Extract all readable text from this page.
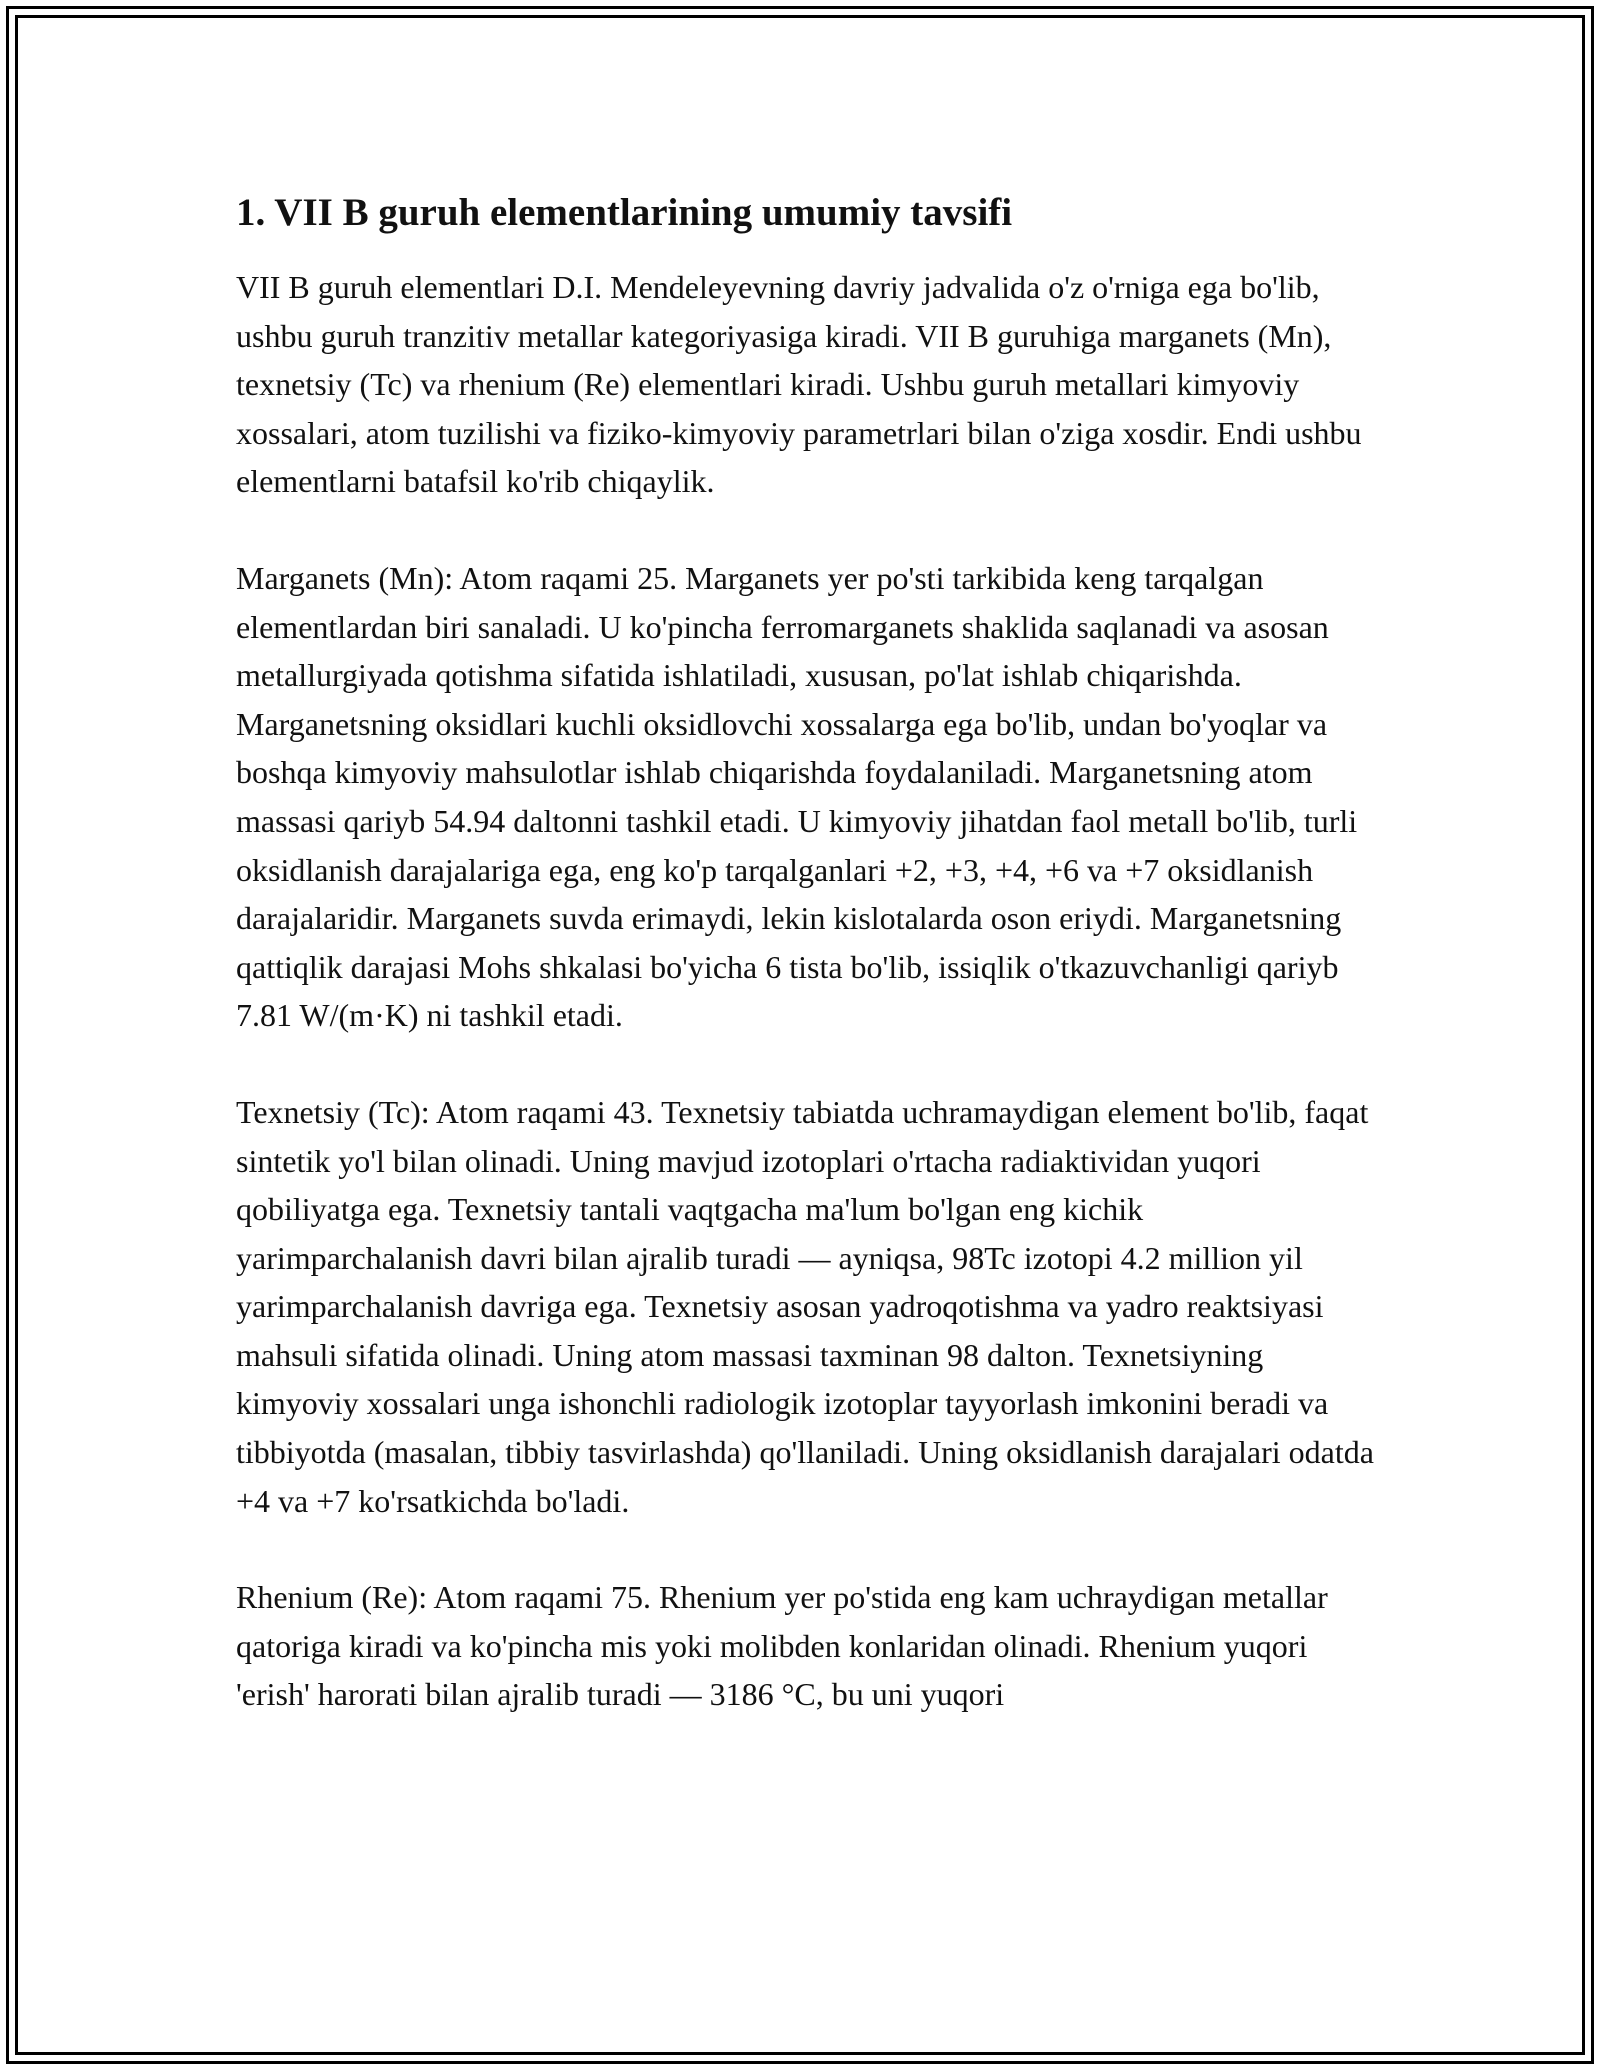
1. VII B guruh elementlarining umumiy tavsifi

VII B guruh elementlari D.I. Mendeleyevning davriy jadvalida o'z o'rniga ega bo'lib, ushbu guruh tranzitiv metallar kategoriyasiga kiradi. VII B guruhiga marganets (Mn), texnetsiy (Tc) va rhenium (Re) elementlari kiradi. Ushbu guruh metallari kimyoviy xossalari, atom tuzilishi va fiziko-kimyoviy parametrlari bilan o'ziga xosdir. Endi ushbu elementlarni batafsil ko'rib chiqaylik.

Marganets (Mn): Atom raqami 25. Marganets yer po'sti tarkibida keng tarqalgan elementlardan biri sanaladi. U ko'pincha ferromarganets shaklida saqlanadi va asosan metallurgiyada qotishma sifatida ishlatiladi, xususan, po'lat ishlab chiqarishda. Marganetsning oksidlari kuchli oksidlovchi xossalarga ega bo'lib, undan bo'yoqlar va boshqa kimyoviy mahsulotlar ishlab chiqarishda foydalaniladi. Marganetsning atom massasi qariyb 54.94 daltonni tashkil etadi. U kimyoviy jihatdan faol metall bo'lib, turli oksidlanish darajalariga ega, eng ko'p tarqalganlari +2, +3, +4, +6 va +7 oksidlanish darajalaridir. Marganets suvda erimaydi, lekin kislotalarda oson eriydi. Marganetsning qattiqlik darajasi Mohs shkalasi bo'yicha 6 tista bo'lib, issiqlik o'tkazuvchanligi qariyb 7.81 W/(m·K) ni tashkil etadi.

Texnetsiy (Tc): Atom raqami 43. Texnetsiy tabiatda uchramaydigan element bo'lib, faqat sintetik yo'l bilan olinadi. Uning mavjud izotoplari o'rtacha radiaktividan yuqori qobiliyatga ega. Texnetsiy tantali vaqtgacha ma'lum bo'lgan eng kichik yarimparchalanish davri bilan ajralib turadi — ayniqsa, 98Tc izotopi 4.2 million yil yarimparchalanish davriga ega. Texnetsiy asosan yadroqotishma va yadro reaktsiyasi mahsuli sifatida olinadi. Uning atom massasi taxminan 98 dalton. Texnetsiyning kimyoviy xossalari unga ishonchli radiologik izotoplar tayyorlash imkonini beradi va tibbiyotda (masalan, tibbiy tasvirlashda) qo'llaniladi. Uning oksidlanish darajalari odatda +4 va +7 ko'rsatkichda bo'ladi.

Rhenium (Re): Atom raqami 75. Rhenium yer po'stida eng kam uchraydigan metallar qatoriga kiradi va ko'pincha mis yoki molibden konlaridan olinadi. Rhenium yuqori 'erish' harorati bilan ajralib turadi — 3186 °C, bu uni yuqori
